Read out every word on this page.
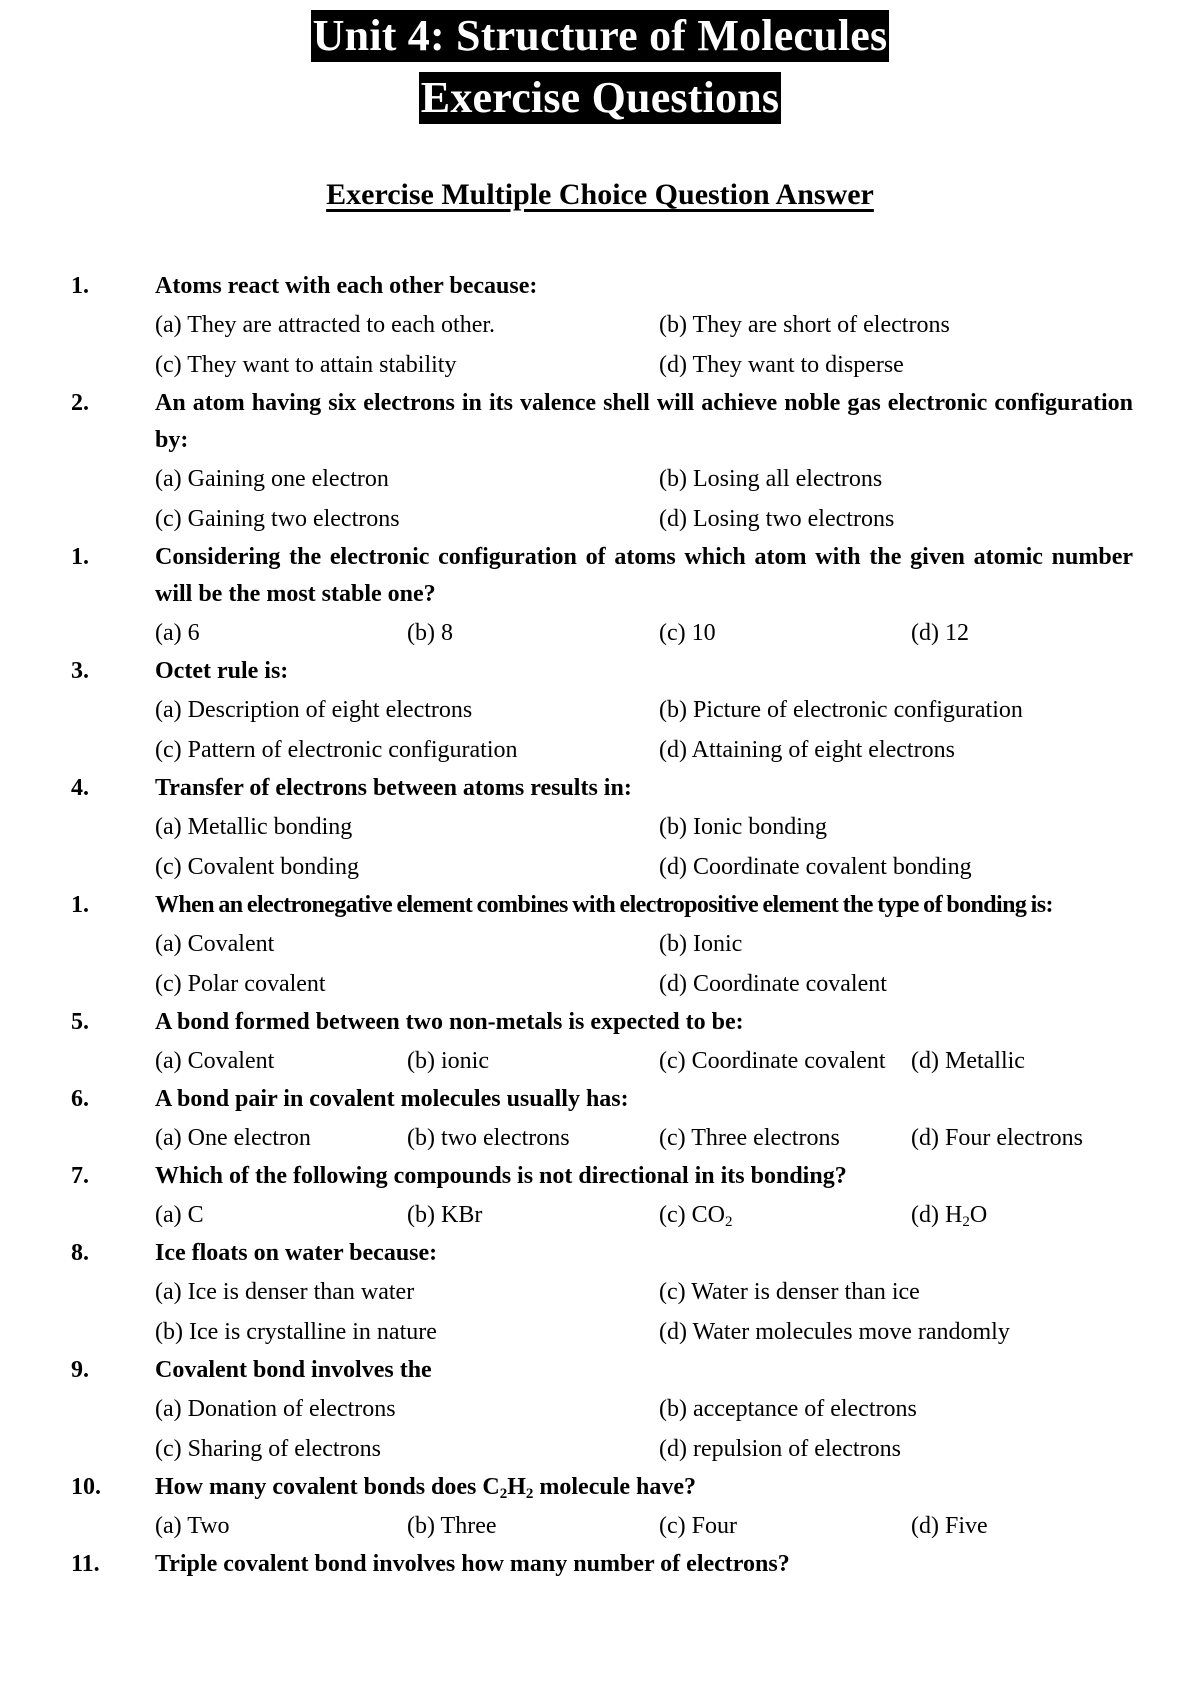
Unit 4: Structure of Molecules
Exercise Questions
Exercise Multiple Choice Question Answer
1.	Atoms react with each other because:
(a) They are attracted to each other.	(b) They are short of electrons
(c) They want to attain stability	(d) They want to disperse
2.	An atom having six electrons in its valence shell will achieve noble gas electronic configuration by:
(a) Gaining one electron	(b) Losing all electrons
(c) Gaining two electrons	(d) Losing two electrons
1.	Considering the electronic configuration of atoms which atom with the given atomic number will be the most stable one?
(a) 6	(b) 8	(c) 10	(d) 12
3.	Octet rule is:
(a) Description of eight electrons	(b) Picture of electronic configuration
(c) Pattern of electronic configuration	(d) Attaining of eight electrons
4.	Transfer of electrons between atoms results in:
(a) Metallic bonding	(b) Ionic bonding
(c) Covalent bonding	(d) Coordinate covalent bonding
1.	When an electronegative element combines with electropositive element the type of bonding is:
(a) Covalent	(b) Ionic
(c) Polar covalent	(d) Coordinate covalent
5.	A bond formed between two non-metals is expected to be:
(a) Covalent	(b) ionic	(c) Coordinate covalent	(d) Metallic
6.	A bond pair in covalent molecules usually has:
(a) One electron	(b) two electrons	(c) Three electrons	(d) Four electrons
7.	Which of the following compounds is not directional in its bonding?
(a) C	(b) KBr	(c) $CO_2$	(d) $H_2O$
8.	Ice floats on water because:
(a) Ice is denser than water	(c) Water is denser than ice
(b) Ice is crystalline in nature	(d) Water molecules move randomly
9.	Covalent bond involves the
(a) Donation of electrons	(b) acceptance of electrons
(c) Sharing of electrons	(d) repulsion of electrons
10.	How many covalent bonds does $C_2H_2$ molecule have?
(a) Two	(b) Three	(c) Four	(d) Five
11.	Triple covalent bond involves how many number of electrons?
